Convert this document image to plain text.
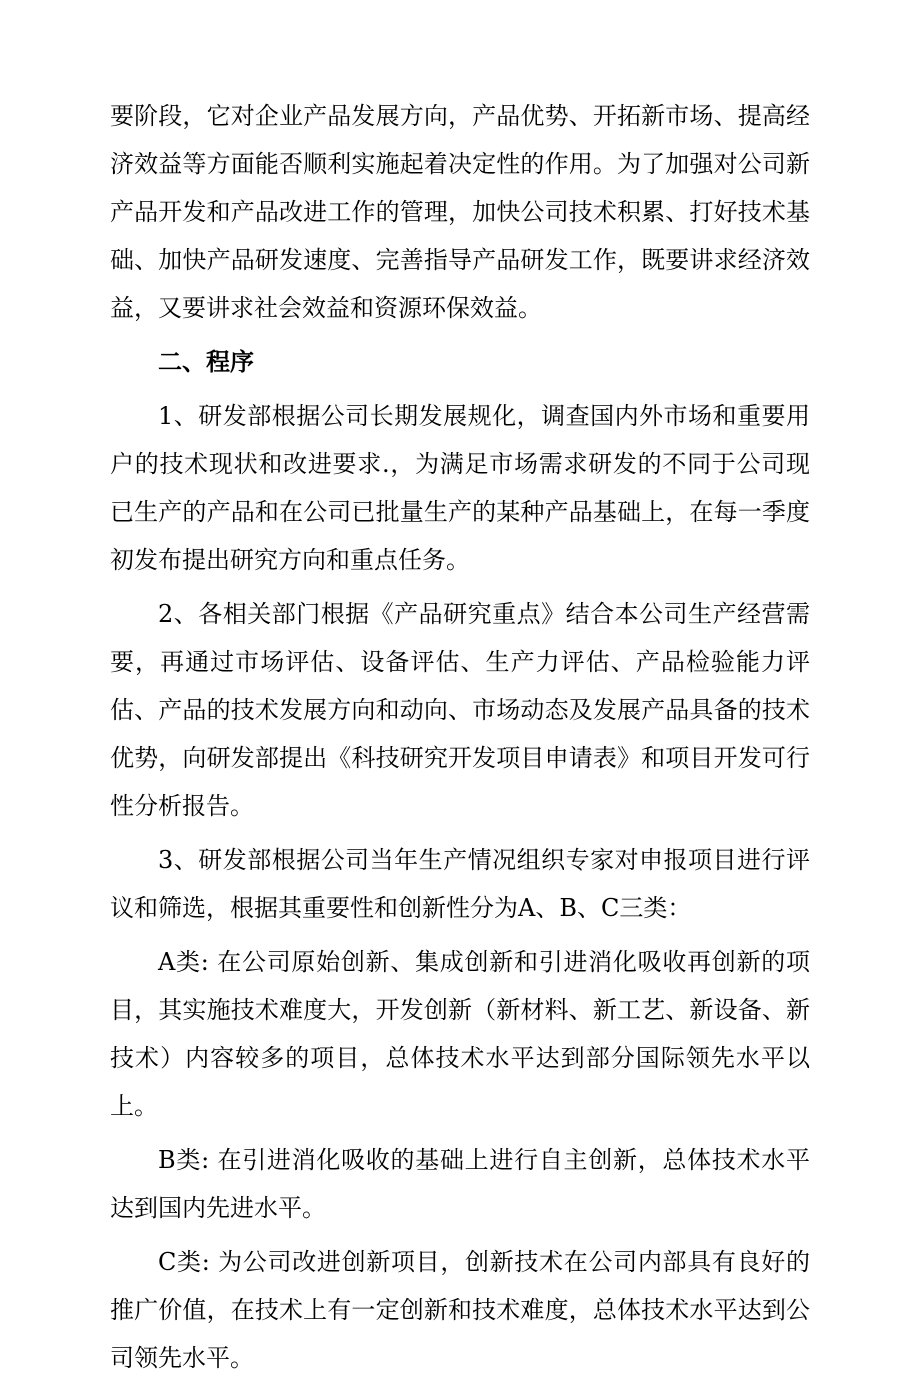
要阶段，它对企业产品发展方向，产品优势、开拓新市场、提高经济效益等方面能否顺利实施起着决定性的作用。为了加强对公司新产品开发和产品改进工作的管理，加快公司技术积累、打好技术基础、加快产品研发速度、完善指导产品研发工作，既要讲求经济效益，又要讲求社会效益和资源环保效益。

二、程序

1、研发部根据公司长期发展规化，调查国内外市场和重要用户的技术现状和改进要求.，为满足市场需求研发的不同于公司现已生产的产品和在公司已批量生产的某种产品基础上，在每一季度初发布提出研究方向和重点任务。

2、各相关部门根据《产品研究重点》结合本公司生产经营需要，再通过市场评估、设备评估、生产力评估、产品检验能力评估、产品的技术发展方向和动向、市场动态及发展产品具备的技术优势，向研发部提出《科技研究开发项目申请表》和项目开发可行性分析报告。

3、研发部根据公司当年生产情况组织专家对申报项目进行评议和筛选，根据其重要性和创新性分为A、B、C三类：

A类: 在公司原始创新、集成创新和引进消化吸收再创新的项目，其实施技术难度大，开发创新（新材料、新工艺、新设备、新技术）内容较多的项目，总体技术水平达到部分国际领先水平以上。

B类: 在引进消化吸收的基础上进行自主创新，总体技术水平达到国内先进水平。

C类: 为公司改进创新项目，创新技术在公司内部具有良好的推广价值，在技术上有一定创新和技术难度，总体技术水平达到公司领先水平。
